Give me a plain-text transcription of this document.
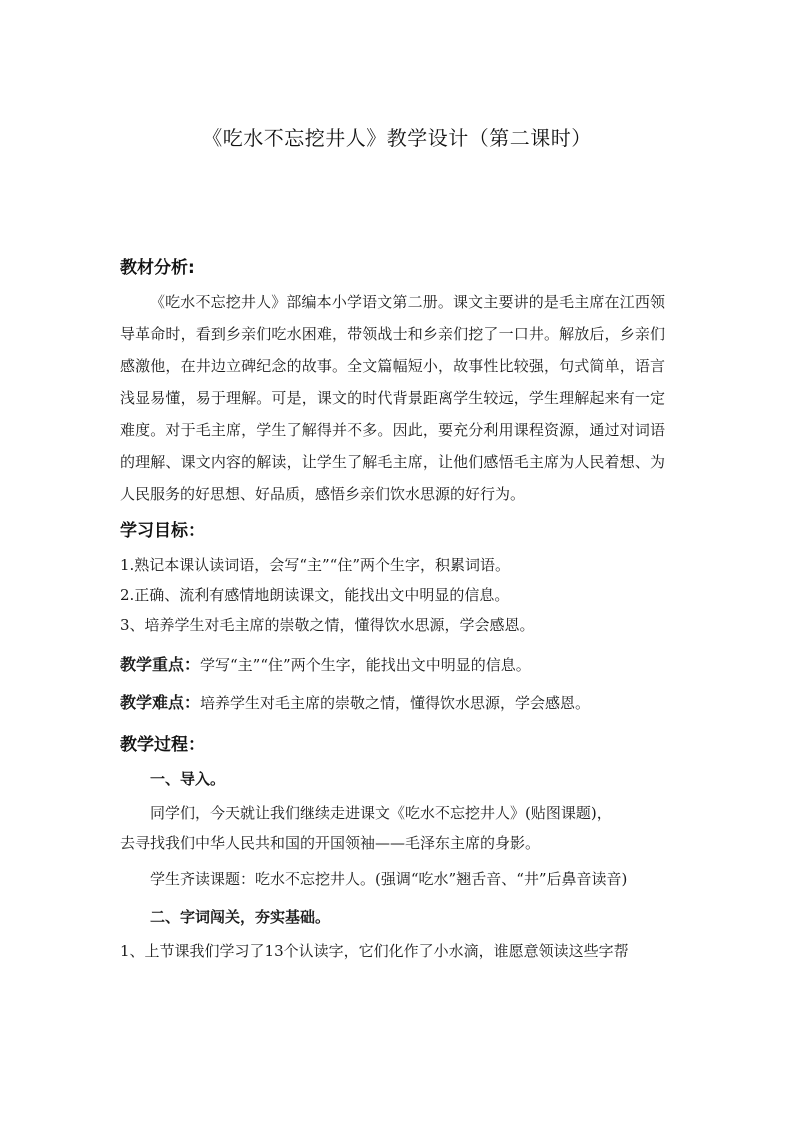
《吃水不忘挖井人》教学设计（第二课时）
教材分析:

《吃水不忘挖井人》部编本小学语文第二册。课文主要讲的是毛主席在江西领导革命时，看到乡亲们吃水困难，带领战士和乡亲们挖了一口井。解放后，乡亲们感激他，在井边立碑纪念的故事。全文篇幅短小，故事性比较强，句式简单，语言浅显易懂，易于理解。可是，课文的时代背景距离学生较远，学生理解起来有一定难度。对于毛主席，学生了解得并不多。因此，要充分利用课程资源，通过对词语的理解、课文内容的解读，让学生了解毛主席，让他们感悟毛主席为人民着想、为人民服务的好思想、好品质，感悟乡亲们饮水思源的好行为。

学习目标：

1.熟记本课认读词语，会写“主”“住”两个生字，积累词语。

2.正确、流利有感情地朗读课文，能找出文中明显的信息。

3、培养学生对毛主席的崇敬之情，懂得饮水思源，学会感恩。

教学重点：学写“主”“住”两个生字，能找出文中明显的信息。

教学难点：培养学生对毛主席的崇敬之情，懂得饮水思源，学会感恩。

教学过程：

一、导入。

同学们，今天就让我们继续走进课文《吃水不忘挖井人》(贴图课题)，

去寻找我们中华人民共和国的开国领袖——毛泽东主席的身影。

学生齐读课题：吃水不忘挖井人。(强调“吃水”翘舌音、“井”后鼻音读音)

二、字词闯关，夯实基础。

1、上节课我们学习了13个认读字，它们化作了小水滴，谁愿意领读这些字帮
